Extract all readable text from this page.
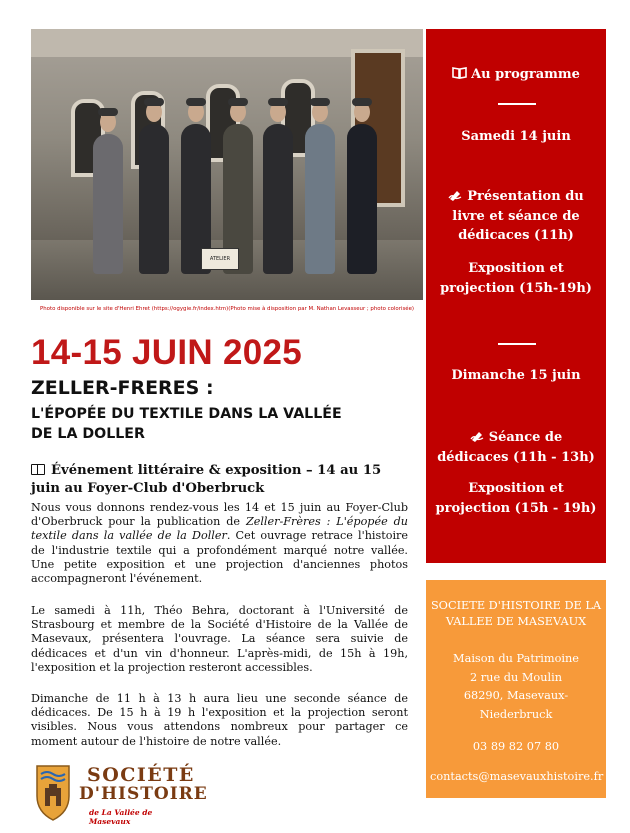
ATELIER
Photo disponible sur le site d'Henri Ehret (https://ogygie.fr/index.htm)(Photo mise à disposition par M. Nathan Levasseur ; photo colorisée)
14-15 JUIN 2025
ZELLER-FRERES :
L'ÉPOPÉE DU TEXTILE DANS LA VALLÉE
DE LA DOLLER
Événement littéraire & exposition – 14 au 15
juin au Foyer-Club d'Oberbruck
Nous vous donnons rendez-vous les 14 et 15 juin au Foyer-Club d'Oberbruck pour la publication de Zeller-Frères : L'épopée du textile dans la vallée de la Doller. Cet ouvrage retrace l'histoire de l'industrie textile qui a profondément marqué notre vallée. Une petite exposition et une projection d'anciennes photos accompagneront l'événement.
Le samedi à 11h, Théo Behra, doctorant à l'Université de Strasbourg et membre de la Société d'Histoire de la Vallée de Masevaux, présentera l'ouvrage. La séance sera suivie de dédicaces et d'un vin d'honneur. L'après-midi, de 15h à 19h, l'exposition et la projection resteront accessibles.
Dimanche de 11 h à 13 h aura lieu une seconde séance de dédicaces. De 15 h à 19 h l'exposition et la projection seront visibles. Nous vous attendons nombreux pour partager ce moment autour de l'histoire de notre vallée.
SOCIÉTÉ
D'HISTOIRE
de La Vallée de Masevaux
Au programme
Samedi 14 juin
Présentation du livre et séance de dédicaces (11h)
Exposition et projection (15h-19h)
Dimanche 15 juin
Séance de dédicaces (11h - 13h)
Exposition et projection (15h - 19h)
SOCIETE D'HISTOIRE DE LA
VALLEE DE MASEVAUX
Maison du Patrimoine
2 rue du Moulin
68290, Masevaux-
Niederbruck
03 89 82 07 80
contacts@masevauxhistoire.fr
